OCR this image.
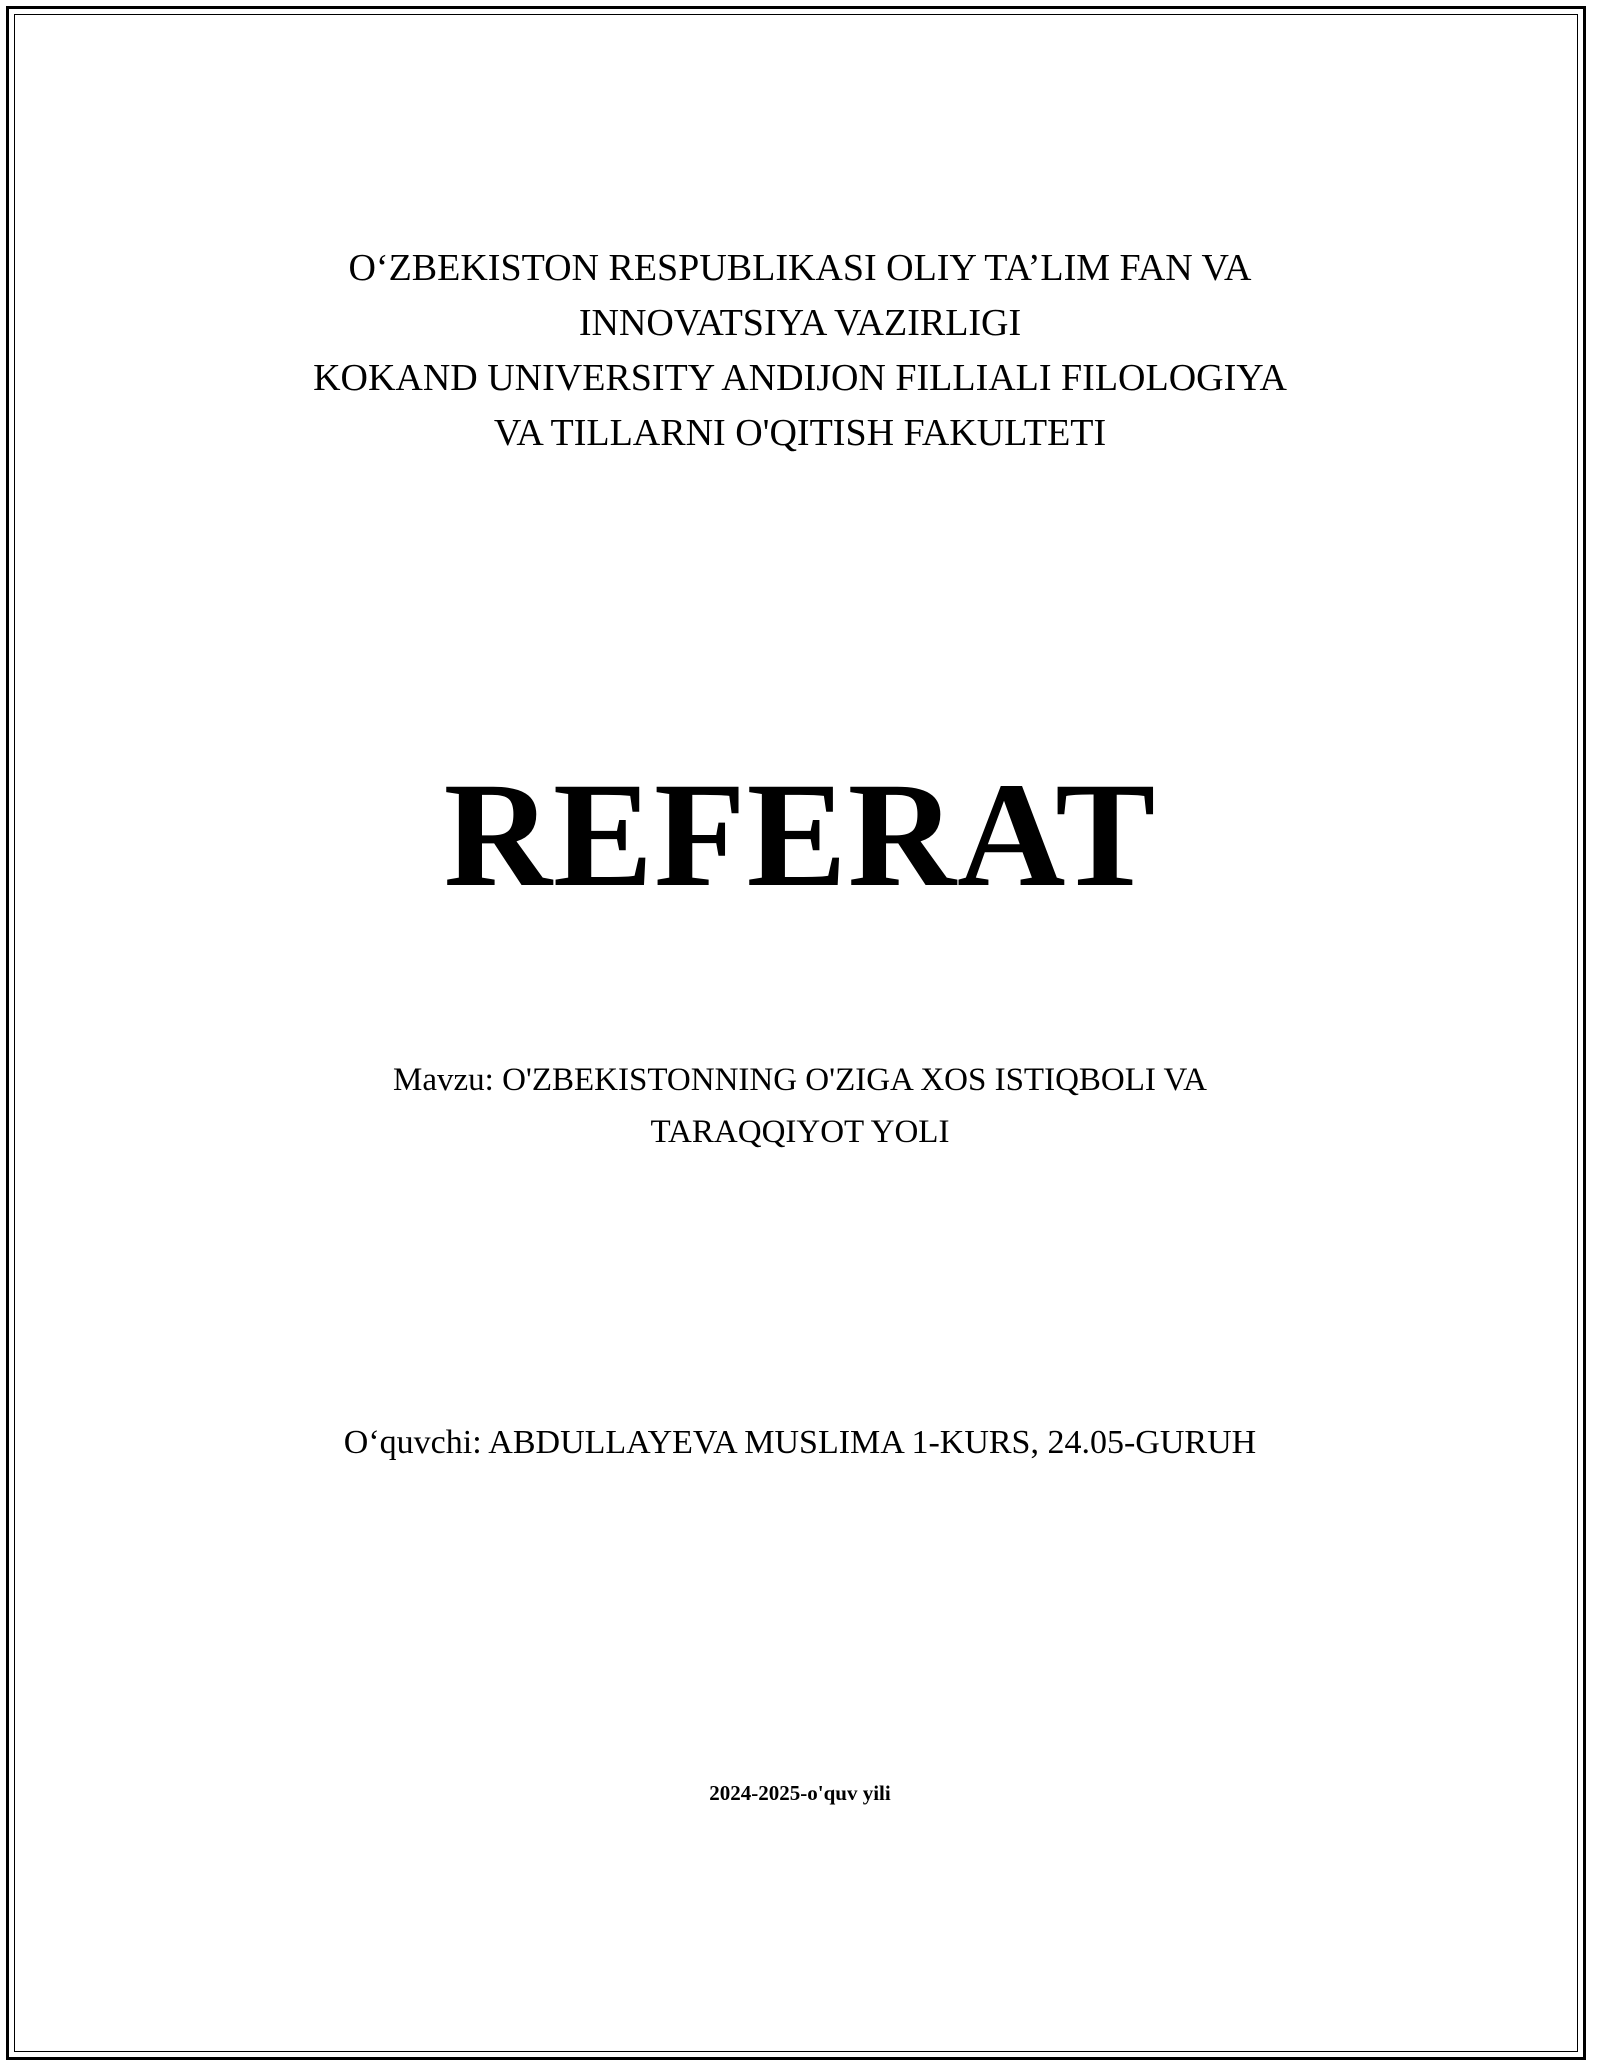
O‘ZBEKISTON RESPUBLIKASI OLIY TA’LIM FAN VA
INNOVATSIYA VAZIRLIGI
KOKAND UNIVERSITY ANDIJON FILLIALI FILOLOGIYA
VA TILLARNI O'QITISH FAKULTETI
REFERAT
Mavzu: O'ZBEKISTONNING O'ZIGA XOS ISTIQBOLI VA
TARAQQIYOT YOLI
O‘quvchi: ABDULLAYEVA MUSLIMA 1-KURS, 24.05-GURUH
2024-2025-o'quv yili
